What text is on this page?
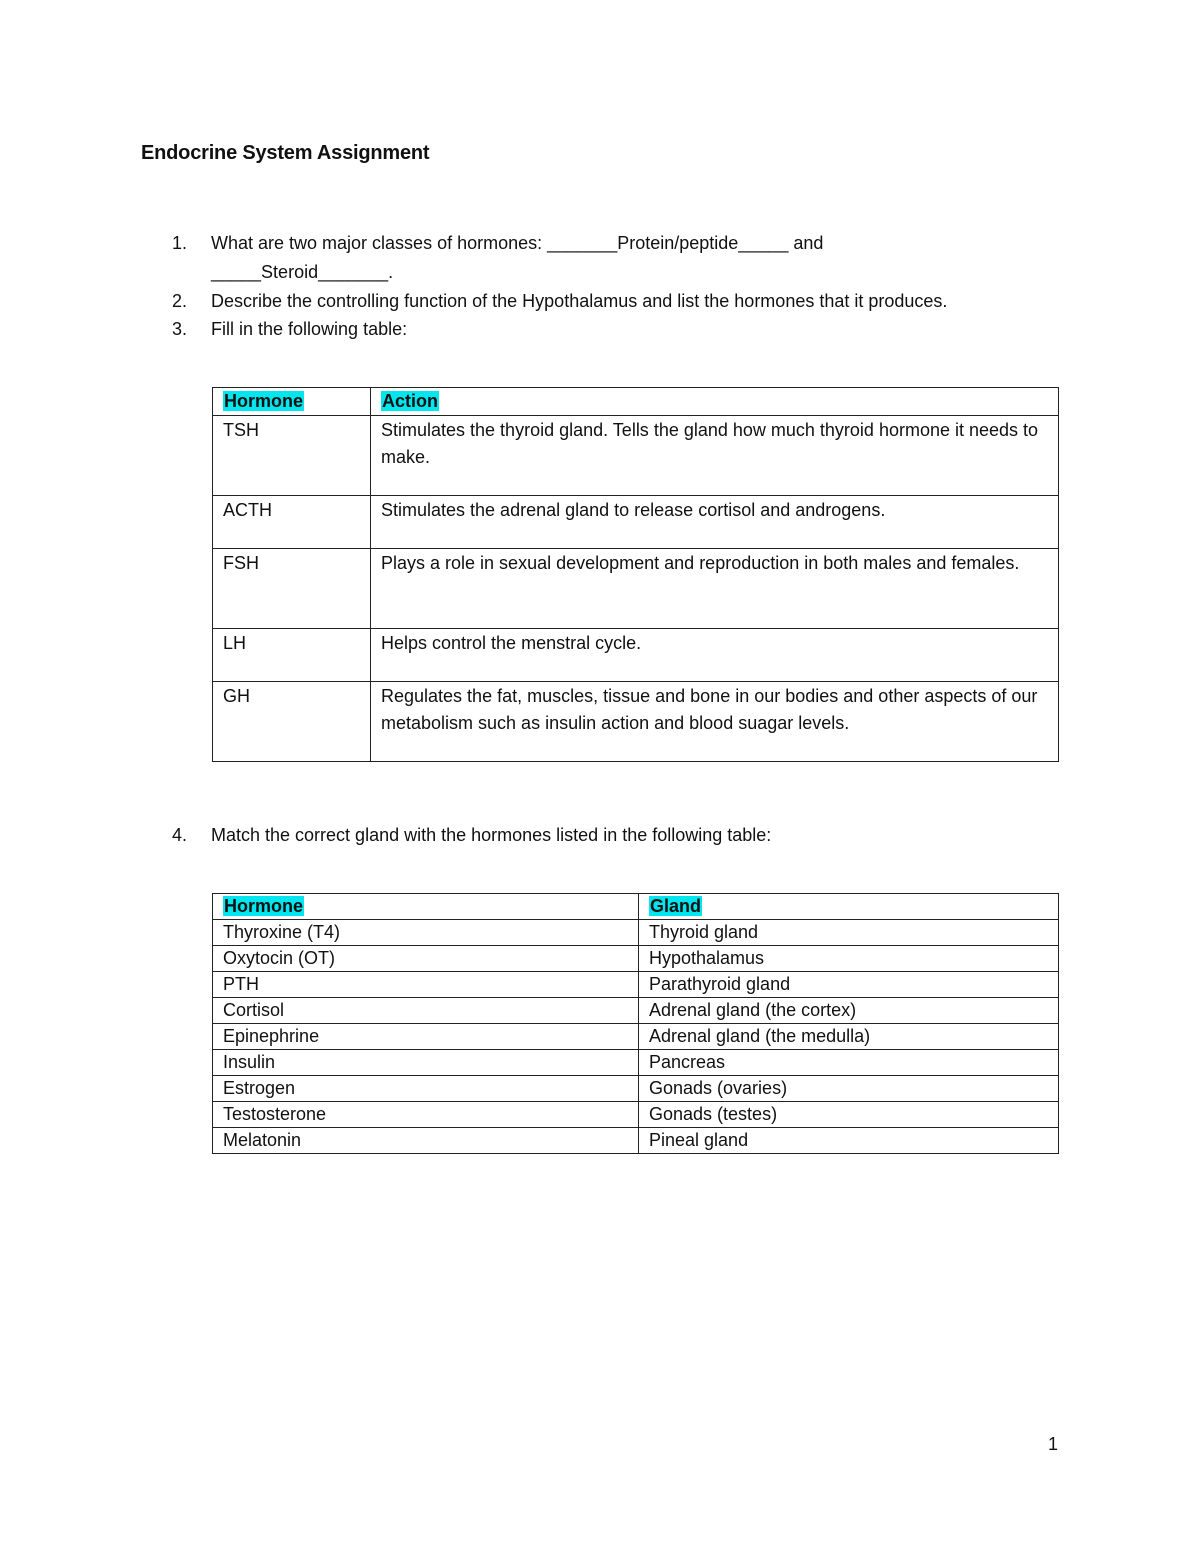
Endocrine System Assignment
1.	What are two major classes of hormones: _______Protein/peptide_____ and
_____Steroid_______.
2.	Describe the controlling function of the Hypothalamus and list the hormones that it produces.
3.	Fill in the following table:
Hormone	Action
TSH	Stimulates the thyroid gland. Tells the gland how much thyroid hormone it needs to make.
ACTH	Stimulates the adrenal gland to release cortisol and androgens.
FSH	Plays a role in sexual development and reproduction in both males and females.
LH	Helps control the menstral cycle.
GH	Regulates the fat, muscles, tissue and bone in our bodies and other aspects of our metabolism such as insulin action and blood suagar levels.
4.	Match the correct gland with the hormones listed in the following table:
Hormone	Gland
Thyroxine (T4)	Thyroid gland
Oxytocin (OT)	Hypothalamus
PTH	Parathyroid gland
Cortisol	Adrenal gland (the cortex)
Epinephrine	Adrenal gland (the medulla)
Insulin	Pancreas
Estrogen	Gonads (ovaries)
Testosterone	Gonads (testes)
Melatonin	Pineal gland
1
